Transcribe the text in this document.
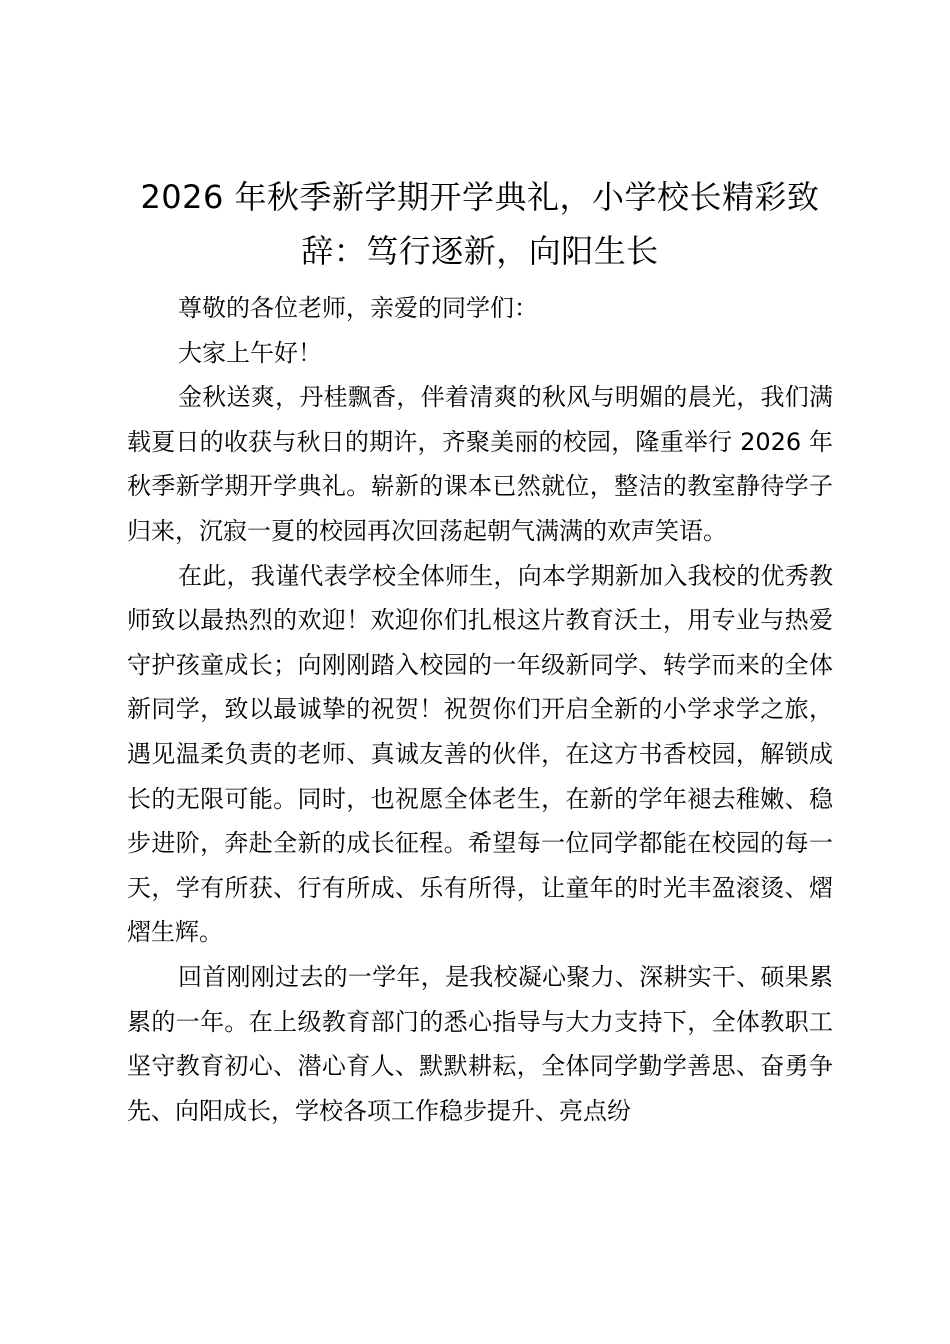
2026 年秋季新学期开学典礼，小学校长精彩致辞：笃行逐新，向阳生长

尊敬的各位老师，亲爱的同学们：

大家上午好！

金秋送爽，丹桂飘香，伴着清爽的秋风与明媚的晨光，我们满载夏日的收获与秋日的期许，齐聚美丽的校园，隆重举行 2026 年秋季新学期开学典礼。崭新的课本已然就位，整洁的教室静待学子归来，沉寂一夏的校园再次回荡起朝气满满的欢声笑语。

在此，我谨代表学校全体师生，向本学期新加入我校的优秀教师致以最热烈的欢迎！欢迎你们扎根这片教育沃土，用专业与热爱守护孩童成长；向刚刚踏入校园的一年级新同学、转学而来的全体新同学，致以最诚挚的祝贺！祝贺你们开启全新的小学求学之旅，遇见温柔负责的老师、真诚友善的伙伴，在这方书香校园，解锁成长的无限可能。同时，也祝愿全体老生，在新的学年褪去稚嫩、稳步进阶，奔赴全新的成长征程。希望每一位同学都能在校园的每一天，学有所获、行有所成、乐有所得，让童年的时光丰盈滚烫、熠熠生辉。

回首刚刚过去的一学年，是我校凝心聚力、深耕实干、硕果累累的一年。在上级教育部门的悉心指导与大力支持下，全体教职工坚守教育初心、潜心育人、默默耕耘，全体同学勤学善思、奋勇争先、向阳成长，学校各项工作稳步提升、亮点纷
